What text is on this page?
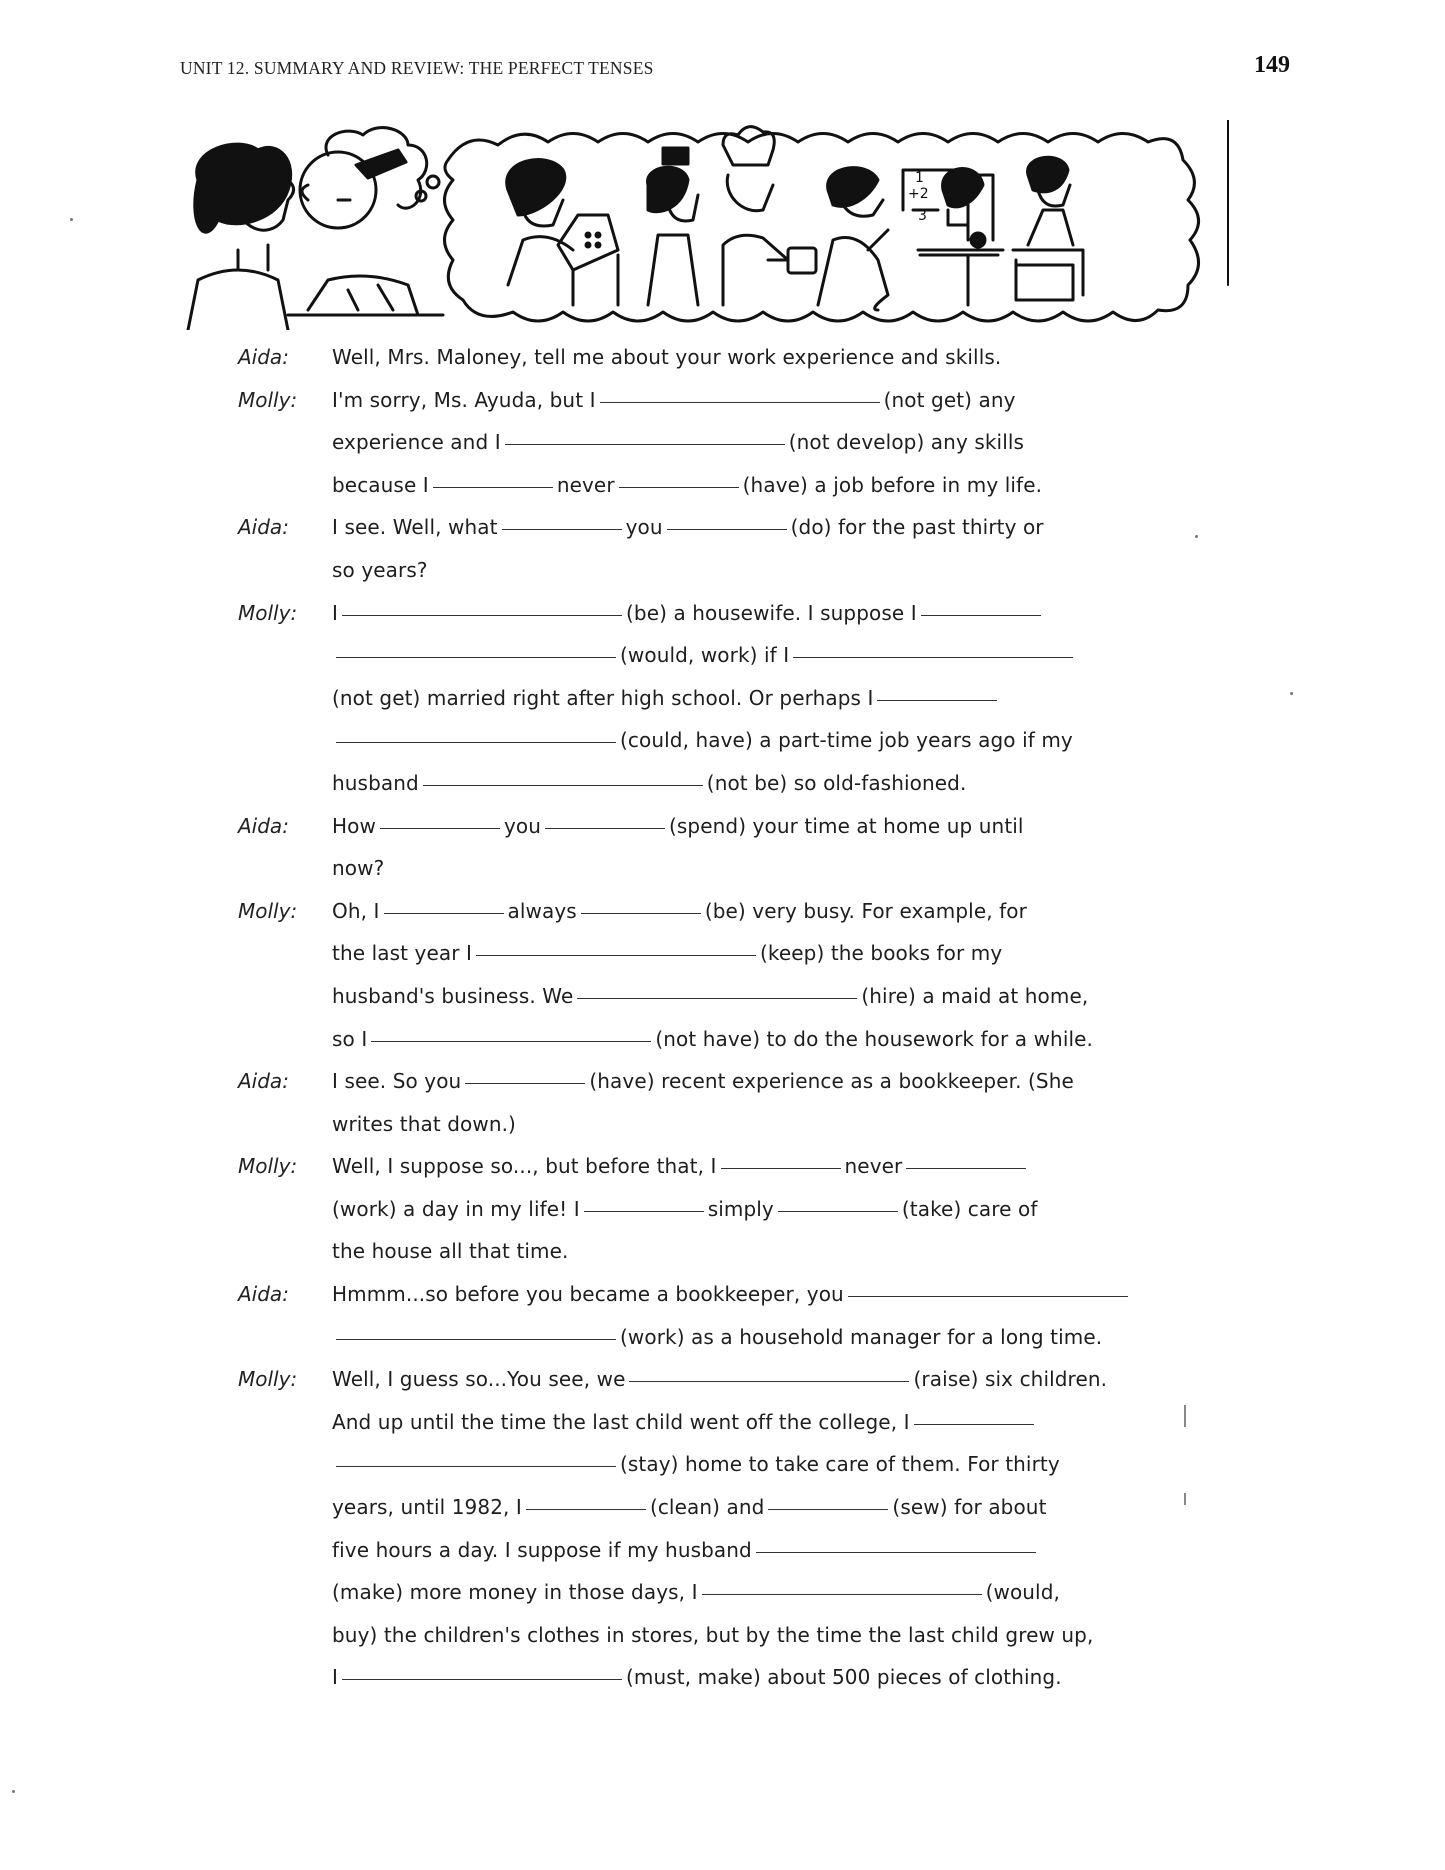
UNIT 12. SUMMARY AND REVIEW: THE PERFECT TENSES	149
1
+2
3
Aida: Well, Mrs. Maloney, tell me about your work experience and skills.
Molly: I'm sorry, Ms. Ayuda, but I	(not get) any
experience and I	(not develop) any skills
because I	never	(have) a job before in my life.
Aida: I see. Well, what	you	(do) for the past thirty or
so years?
Molly: I	(be) a housewife. I suppose I
(would, work) if I
(not get) married right after high school. Or perhaps I
(could, have) a part-time job years ago if my
husband	(not be) so old-fashioned.
Aida: How	you	(spend) your time at home up until
now?
Molly: Oh, I	always	(be) very busy. For example, for
the last year I	(keep) the books for my
husband's business. We	(hire) a maid at home,
so I	(not have) to do the housework for a while.
Aida: I see. So you	(have) recent experience as a bookkeeper. (She
writes that down.)
Molly: Well, I suppose so..., but before that, I	never
(work) a day in my life! I	simply	(take) care of
the house all that time.
Aida: Hmmm...so before you became a bookkeeper, you
(work) as a household manager for a long time.
Molly: Well, I guess so...You see, we	(raise) six children.
And up until the time the last child went off the college, I
(stay) home to take care of them. For thirty
years, until 1982, I	(clean) and	(sew) for about
five hours a day. I suppose if my husband
(make) more money in those days, I	(would,
buy) the children's clothes in stores, but by the time the last child grew up,
I	(must, make) about 500 pieces of clothing.
